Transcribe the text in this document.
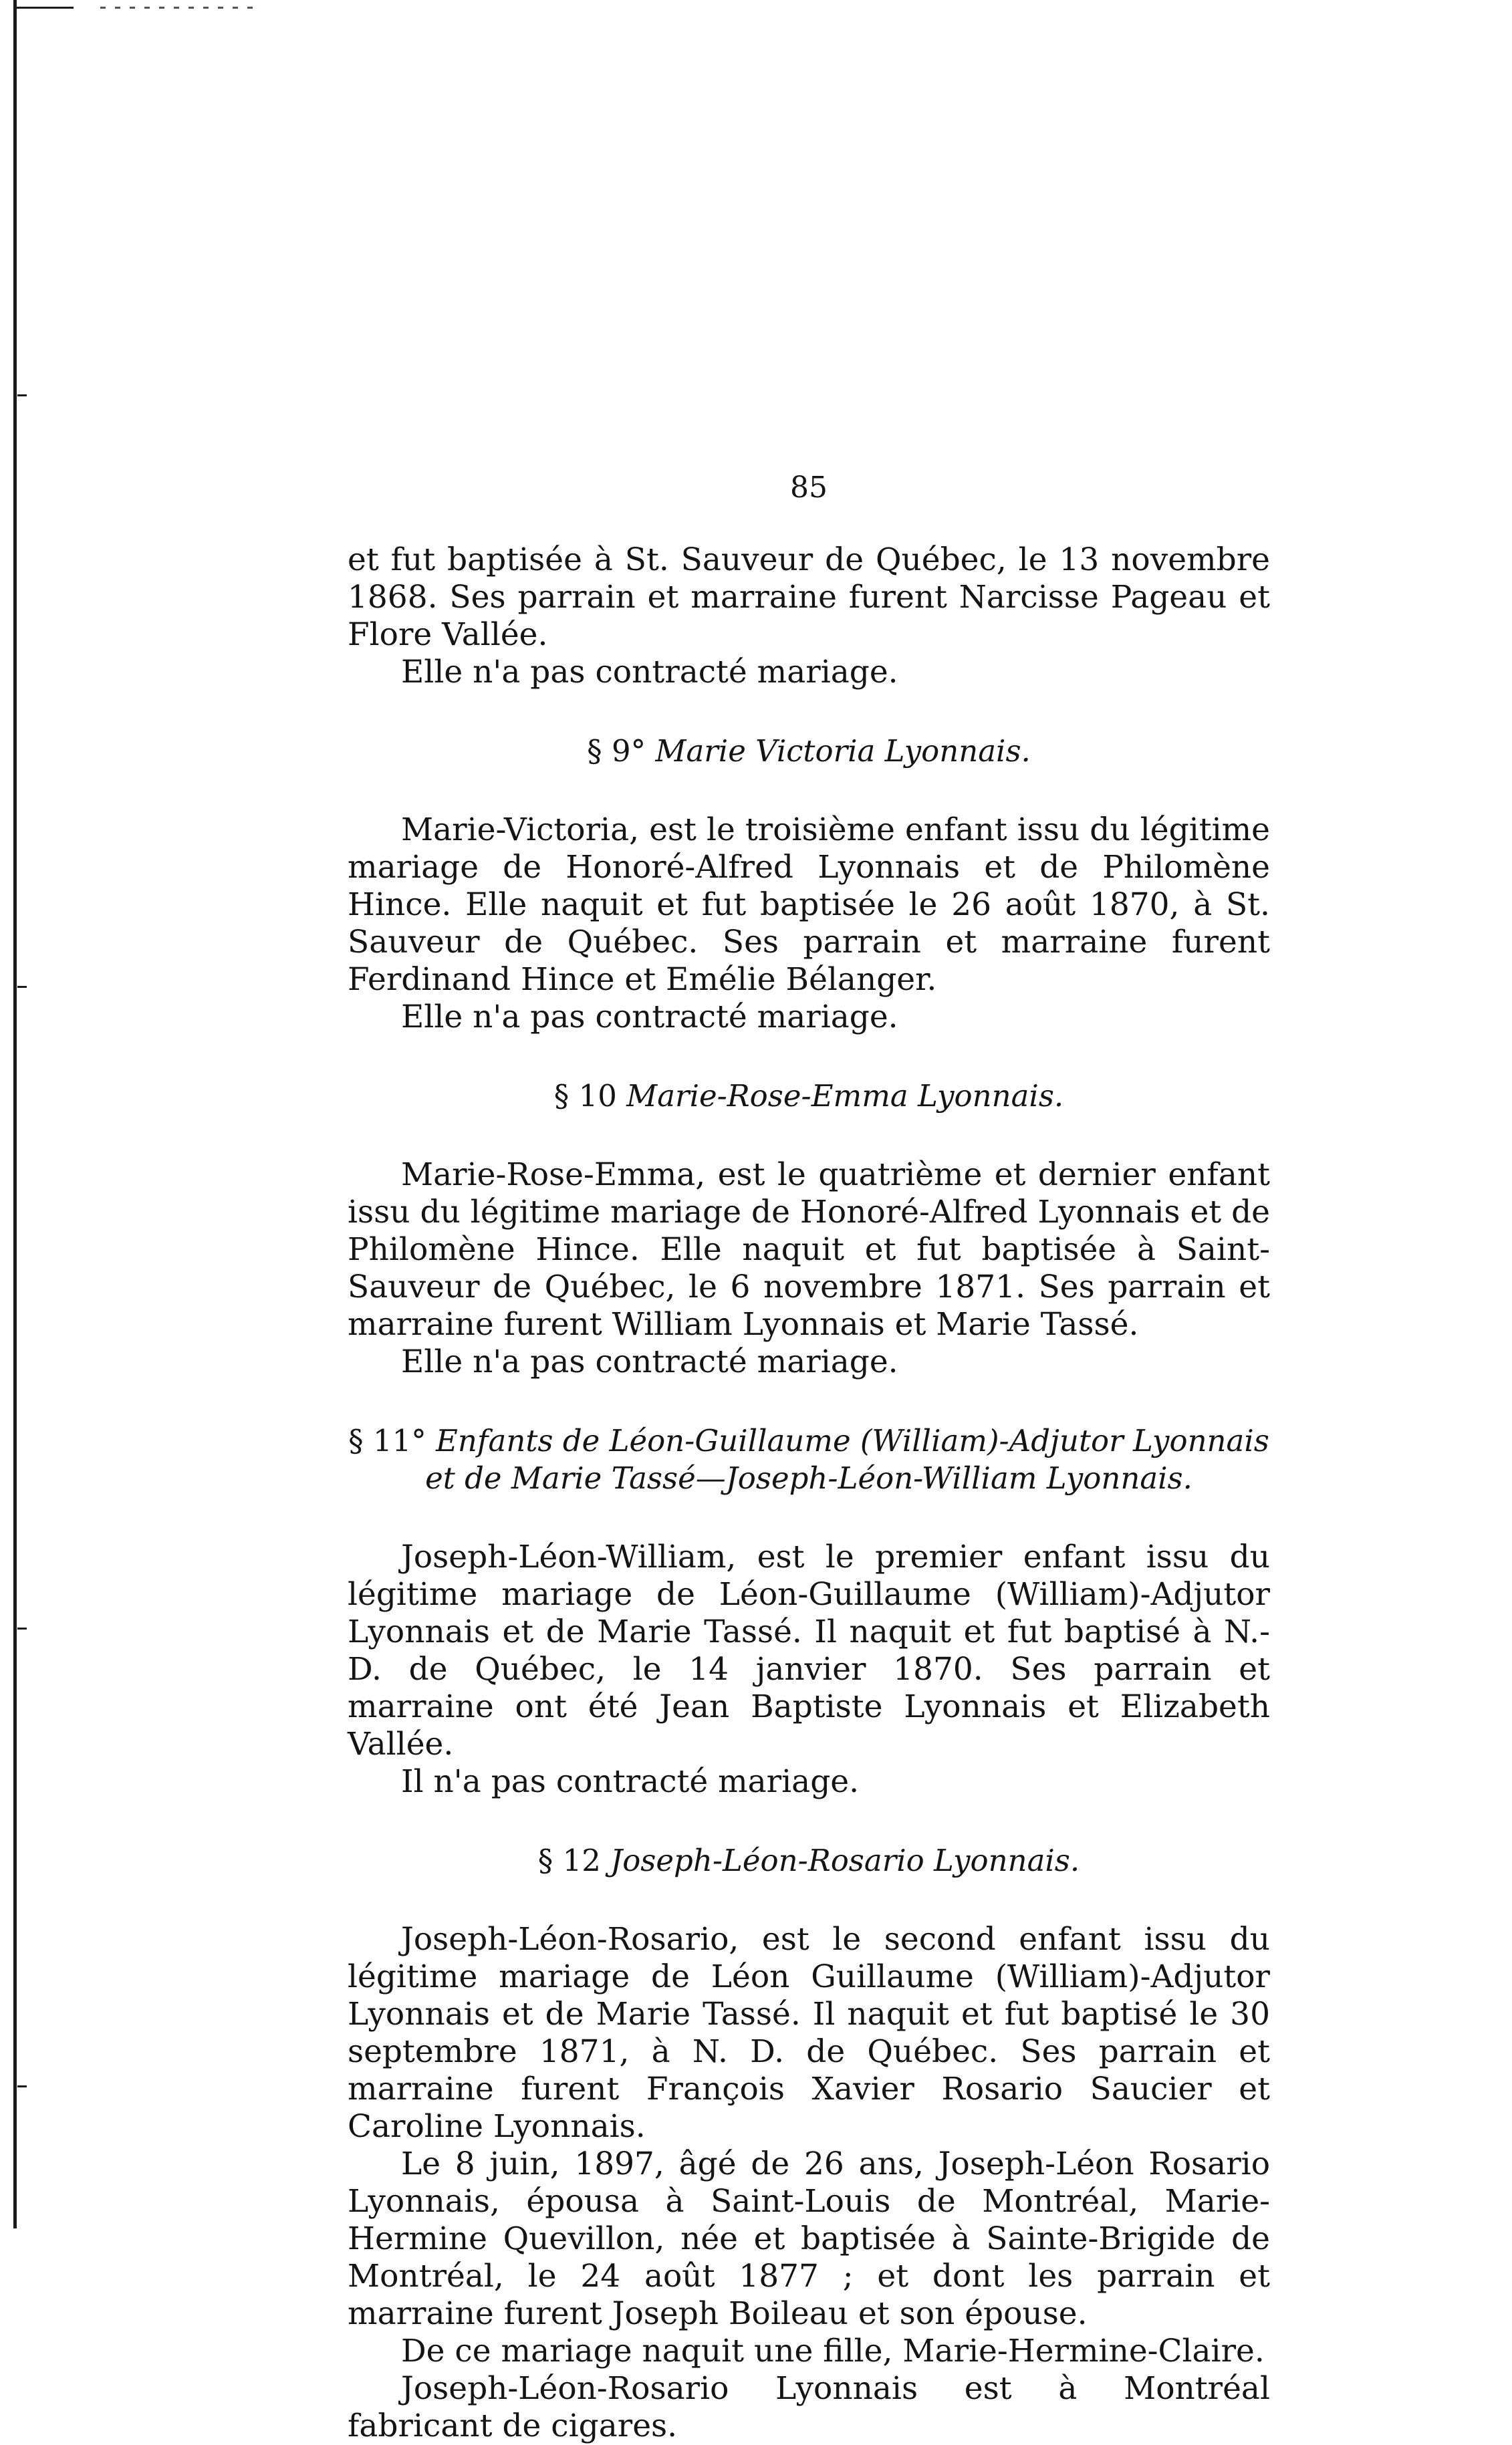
85

et fut baptisée à St. Sauveur de Québec, le 13 novembre 1868. Ses parrain et marraine furent Narcisse Pageau et Flore Vallée.

Elle n'a pas contracté mariage.

§ 9° Marie Victoria Lyonnais.

Marie-Victoria, est le troisième enfant issu du légitime mariage de Honoré-Alfred Lyonnais et de Philomène Hince. Elle naquit et fut baptisée le 26 août 1870, à St. Sauveur de Québec. Ses parrain et marraine furent Ferdinand Hince et Emélie Bélanger.

Elle n'a pas contracté mariage.

§ 10 Marie-Rose-Emma Lyonnais.

Marie-Rose-Emma, est le quatrième et dernier enfant issu du légitime mariage de Honoré-Alfred Lyonnais et de Philomène Hince. Elle naquit et fut baptisée à Saint-Sauveur de Québec, le 6 novembre 1871. Ses parrain et marraine furent William Lyonnais et Marie Tassé.

Elle n'a pas contracté mariage.

§ 11° Enfants de Léon-Guillaume (William)-Adjutor Lyonnais et de Marie Tassé—Joseph-Léon-William Lyonnais.

Joseph-Léon-William, est le premier enfant issu du légitime mariage de Léon-Guillaume (William)-Adjutor Lyonnais et de Marie Tassé. Il naquit et fut baptisé à N.-D. de Québec, le 14 janvier 1870. Ses parrain et marraine ont été Jean Baptiste Lyonnais et Elizabeth Vallée.

Il n'a pas contracté mariage.

§ 12 Joseph-Léon-Rosario Lyonnais.

Joseph-Léon-Rosario, est le second enfant issu du légitime mariage de Léon Guillaume (William)-Adjutor Lyonnais et de Marie Tassé. Il naquit et fut baptisé le 30 septembre 1871, à N. D. de Québec. Ses parrain et marraine furent François Xavier Rosario Saucier et Caroline Lyonnais.

Le 8 juin, 1897, âgé de 26 ans, Joseph-Léon Rosario Lyonnais, épousa à Saint-Louis de Montréal, Marie-Hermine Quevillon, née et baptisée à Sainte-Brigide de Montréal, le 24 août 1877 ; et dont les parrain et marraine furent Joseph Boileau et son épouse.

De ce mariage naquit une fille, Marie-Hermine-Claire.

Joseph-Léon-Rosario Lyonnais est à Montréal fabricant de cigares.
